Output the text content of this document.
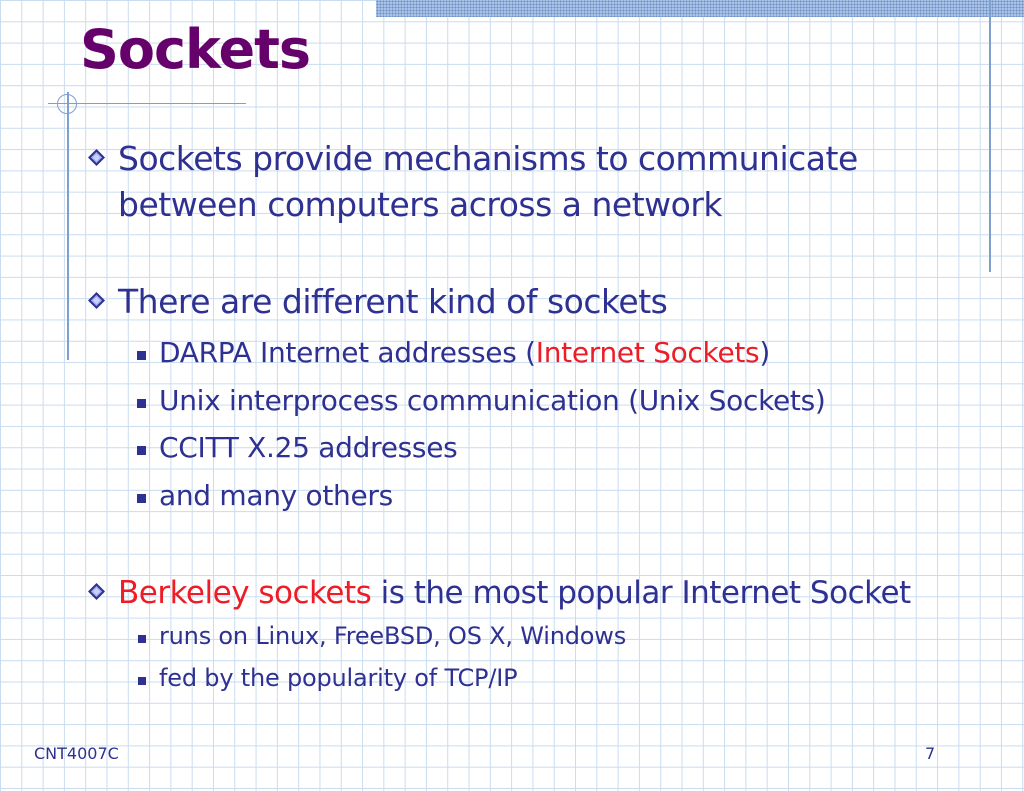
Sockets
Sockets provide mechanisms to communicate
between computers across a network
There are different kind of sockets
DARPA Internet addresses (Internet Sockets)
Unix interprocess communication (Unix Sockets)
CCITT X.25 addresses
and many others
Berkeley sockets is the most popular Internet Socket
runs on Linux, FreeBSD, OS X, Windows
fed by the popularity of TCP/IP
CNT4007C	7
